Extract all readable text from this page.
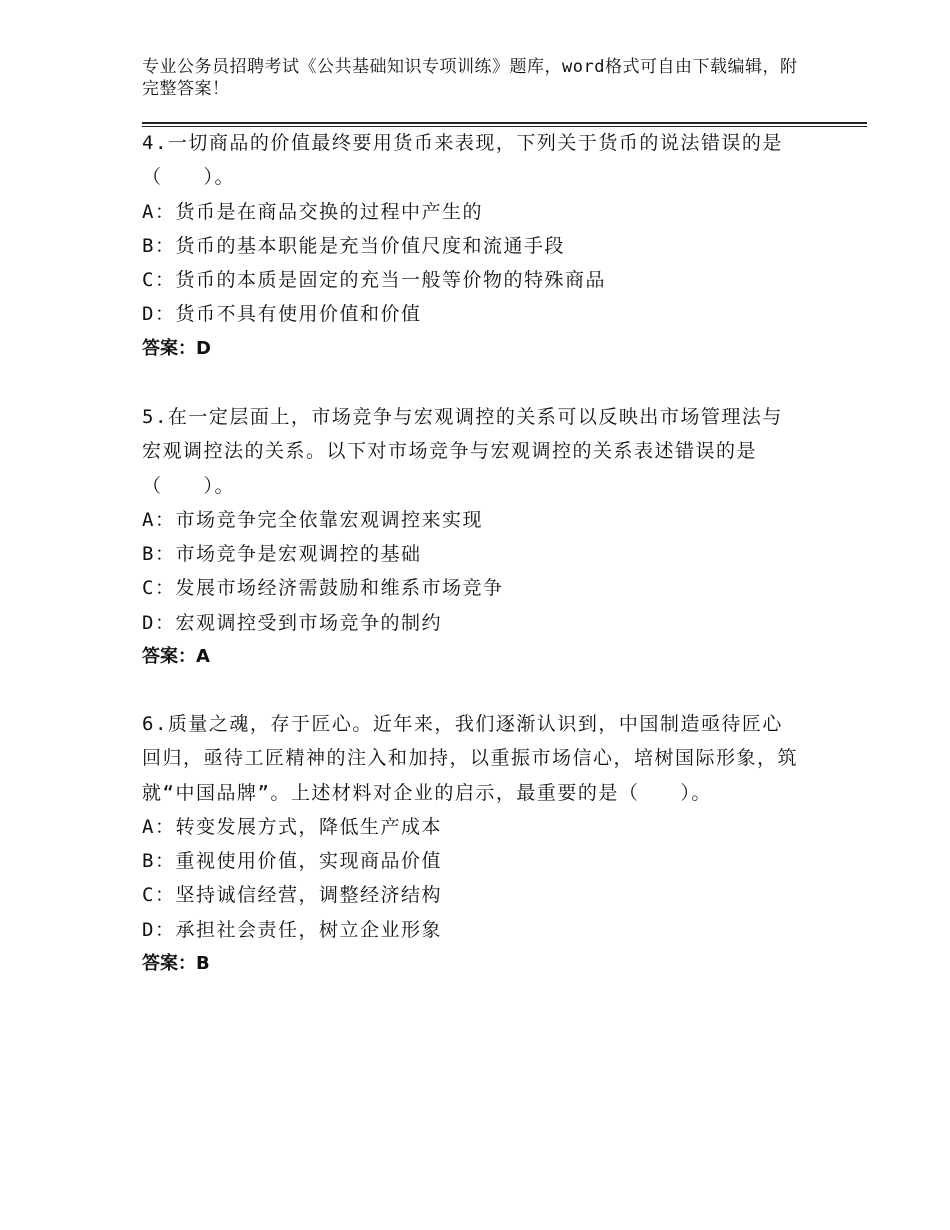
专业公务员招聘考试《公共基础知识专项训练》题库，word格式可自由下载编辑，附完整答案！
4.一切商品的价值最终要用货币来表现，下列关于货币的说法错误的是（　　）。
A：货币是在商品交换的过程中产生的
B：货币的基本职能是充当价值尺度和流通手段
C：货币的本质是固定的充当一般等价物的特殊商品
D：货币不具有使用价值和价值
答案：D
5.在一定层面上，市场竞争与宏观调控的关系可以反映出市场管理法与宏观调控法的关系。以下对市场竞争与宏观调控的关系表述错误的是（　　）。
A：市场竞争完全依靠宏观调控来实现
B：市场竞争是宏观调控的基础
C：发展市场经济需鼓励和维系市场竞争
D：宏观调控受到市场竞争的制约
答案：A
6.质量之魂，存于匠心。近年来，我们逐渐认识到，中国制造亟待匠心回归，亟待工匠精神的注入和加持，以重振市场信心，培树国际形象，筑就“中国品牌”。上述材料对企业的启示，最重要的是（　　）。
A：转变发展方式，降低生产成本
B：重视使用价值，实现商品价值
C：坚持诚信经营，调整经济结构
D：承担社会责任，树立企业形象
答案：B
